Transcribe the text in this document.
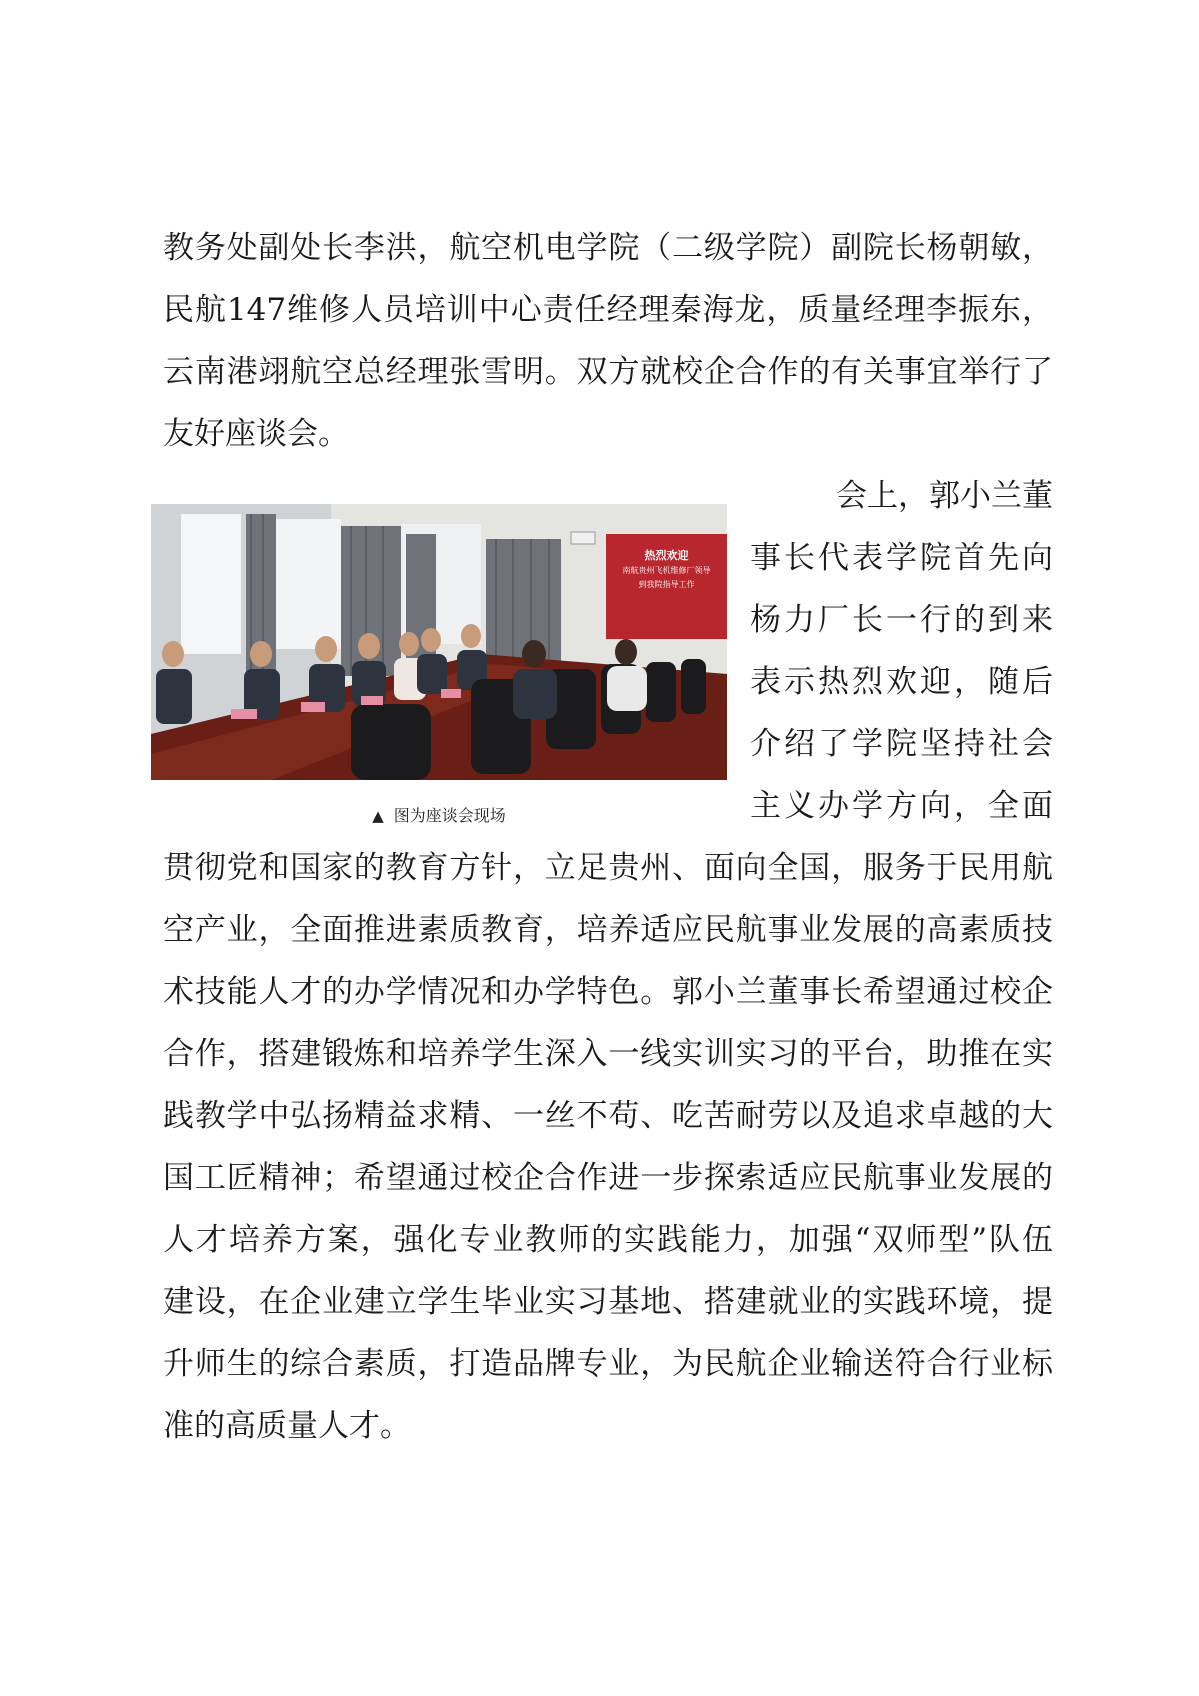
教务处副处长李洪，航空机电学院（二级学院）副院长杨朝敏，
民航147维修人员培训中心责任经理秦海龙，质量经理李振东，
云南港翊航空总经理张雪明。双方就校企合作的有关事宜举行了
友好座谈会。
热烈欢迎
南航贵州飞机维修厂领导
到我院指导工作
▲ 图为座谈会现场
会上，郭小兰董
事长代表学院首先向
杨力厂长一行的到来
表示热烈欢迎，随后
介绍了学院坚持社会
主义办学方向，全面
贯彻党和国家的教育方针，立足贵州、面向全国，服务于民用航
空产业，全面推进素质教育，培养适应民航事业发展的高素质技
术技能人才的办学情况和办学特色。郭小兰董事长希望通过校企
合作，搭建锻炼和培养学生深入一线实训实习的平台，助推在实
践教学中弘扬精益求精、一丝不苟、吃苦耐劳以及追求卓越的大
国工匠精神；希望通过校企合作进一步探索适应民航事业发展的
人才培养方案，强化专业教师的实践能力，加强“双师型”队伍
建设，在企业建立学生毕业实习基地、搭建就业的实践环境，提
升师生的综合素质，打造品牌专业，为民航企业输送符合行业标
准的高质量人才。
